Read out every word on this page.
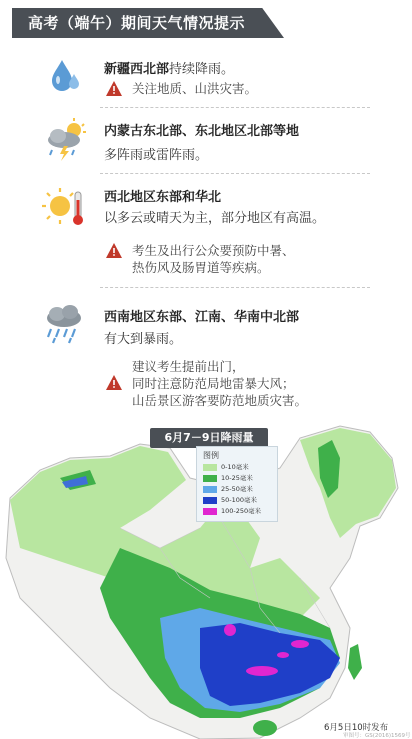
高考（端午）期间天气情况提示
新疆西北部持续降雨。
关注地质、山洪灾害。
内蒙古东北部、东北地区北部等地
多阵雨或雷阵雨。
西北地区东部和华北
以多云或晴天为主，部分地区有高温。
考生及出行公众要预防中暑、
热伤风及肠胃道等疾病。
西南地区东部、江南、华南中北部
有大到暴雨。
建议考生提前出门，
同时注意防范局地雷暴大风；
山岳景区游客要防范地质灾害。
6月7－9日降雨量
图例
0-10毫米
10-25毫米
25-50毫米
50-100毫米
100-250毫米
6月5日10时发布
审图号：GS(2016)1569号
